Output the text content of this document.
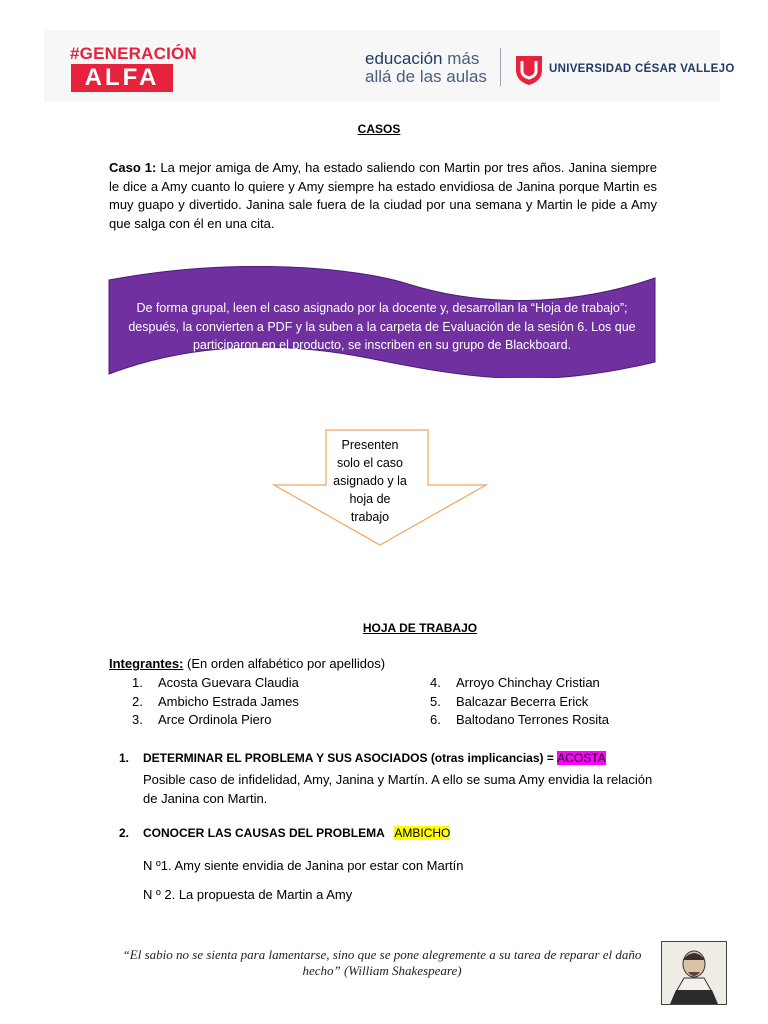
#GENERACIÓN
ALFA
educación más
allá de las aulas	UNIVERSIDAD CÉSAR VALLEJO
CASOS
Caso 1: La mejor amiga de Amy, ha estado saliendo con Martin por tres años. Janina siempre le dice a Amy cuanto lo quiere y Amy siempre ha estado envidiosa de Janina porque Martin es muy guapo y divertido. Janina sale fuera de la ciudad por una semana y Martin le pide a Amy que salga con él en una cita.
De forma grupal, leen el caso asignado por la docente y, desarrollan la “Hoja de trabajo”; después, la convierten a PDF y la suben a la carpeta de Evaluación de la sesión 6. Los que participaron en el producto, se inscriben en su grupo de Blackboard.
Presenten solo el caso asignado y la hoja de trabajo
HOJA DE TRABAJO
Integrantes: (En orden alfabético por apellidos)
1. Acosta Guevara Claudia
2. Ambicho Estrada James
3. Arce Ordinola Piero
4. Arroyo Chinchay Cristian
5. Balcazar Becerra Erick
6. Baltodano Terrones Rosita
1. DETERMINAR EL PROBLEMA Y SUS ASOCIADOS (otras implicancias) = ACOSTA
Posible caso de infidelidad, Amy, Janina y Martín. A ello se suma Amy envidia la relación de Janina con Martin.
2. CONOCER LAS CAUSAS DEL PROBLEMA   AMBICHO
N º1. Amy siente envidia de Janina por estar con Martín
N º 2. La propuesta de Martin a Amy
“El sabio no se sienta para lamentarse, sino que se pone alegremente a su tarea de reparar el daño hecho” (William Shakespeare)
